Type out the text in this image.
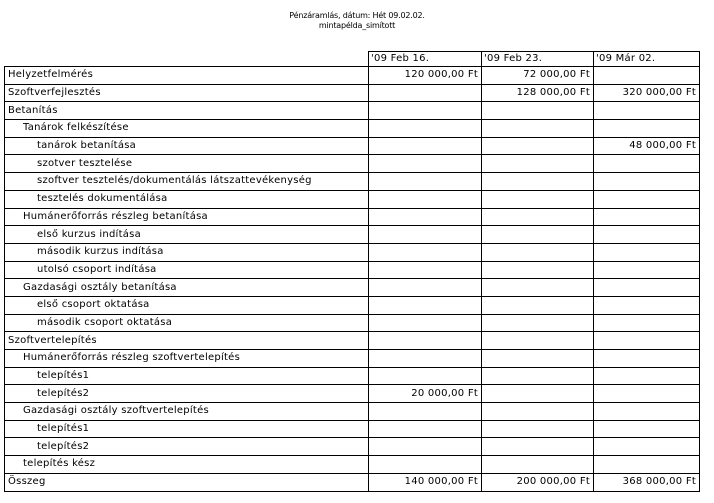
Pénzáramlás, dátum: Hét 09.02.02.
mintapélda_simított
	'09 Feb 16.	'09 Feb 23.	'09 Már 02.
Helyzetfelmérés	120 000,00 Ft	72 000,00 Ft	
Szoftverfejlesztés		128 000,00 Ft	320 000,00 Ft
Betanítás			
Tanárok felkészítése			
tanárok betanítása			48 000,00 Ft
szotver tesztelése			
szoftver tesztelés/dokumentálás látszattevékenység			
tesztelés dokumentálása			
Humánerőforrás részleg betanítása			
első kurzus indítása			
második kurzus indítása			
utolsó csoport indítása			
Gazdasági osztály betanítása			
első csoport oktatása			
második csoport oktatása			
Szoftvertelepítés			
Humánerőforrás részleg szoftvertelepítés			
telepítés1			
telepítés2	20 000,00 Ft		
Gazdasági osztály szoftvertelepítés			
telepítés1			
telepítés2			
telepítés kész			
Összeg	140 000,00 Ft	200 000,00 Ft	368 000,00 Ft
